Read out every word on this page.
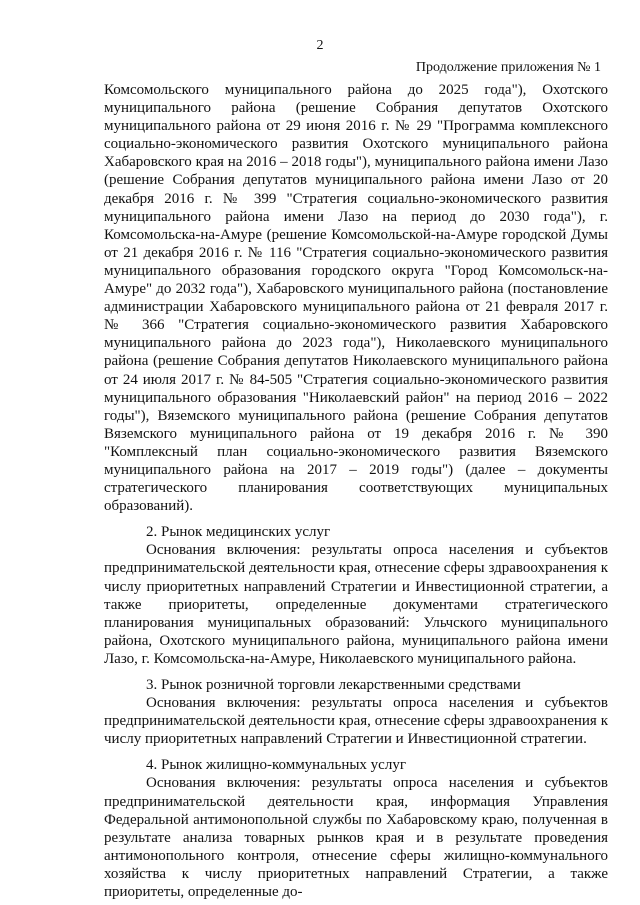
2
Продолжение приложения № 1

Комсомольского муниципального района до 2025 года"), Охотского муниципального района (решение Собрания депутатов Охотского муниципального района от 29 июня 2016 г. № 29 "Программа комплексного социально-экономического развития Охотского муниципального района Хабаровского края на 2016 – 2018 годы"), муниципального района имени Лазо (решение Собрания депутатов муниципального района имени Лазо от 20 декабря 2016 г. № 399 "Стратегия социально-экономического развития муниципального района имени Лазо на период до 2030 года"), г. Комсомольска-на-Амуре (решение Комсомольской-на-Амуре городской Думы от 21 декабря 2016 г. № 116 "Стратегия социально-экономического развития муниципального образования городского округа "Город Комсомольск-на-Амуре" до 2032 года"), Хабаровского муниципального района (постановление администрации Хабаровского муниципального района от 21 февраля 2017 г. № 366 "Стратегия социально-экономического развития Хабаровского муниципального района до 2023 года"), Николаевского муниципального района (решение Собрания депутатов Николаевского муниципального района от 24 июля 2017 г. № 84-505 "Стратегия социально-экономического развития муниципального образования "Николаевский район" на период 2016 – 2022 годы"), Вяземского муниципального района (решение Собрания депутатов Вяземского муниципального района от 19 декабря 2016 г. № 390 "Комплексный план социально-экономического развития Вяземского муниципального района на 2017 – 2019 годы") (далее – документы стратегического планирования соответствующих муниципальных образований).

2. Рынок медицинских услуг

Основания включения: результаты опроса населения и субъектов предпринимательской деятельности края, отнесение сферы здравоохранения к числу приоритетных направлений Стратегии и Инвестиционной стратегии, а также приоритеты, определенные документами стратегического планирования муниципальных образований: Ульчского муниципального района, Охотского муниципального района, муниципального района имени Лазо, г. Комсомольска-на-Амуре, Николаевского муниципального района.

3. Рынок розничной торговли лекарственными средствами

Основания включения: результаты опроса населения и субъектов предпринимательской деятельности края, отнесение сферы здравоохранения к числу приоритетных направлений Стратегии и Инвестиционной стратегии.

4. Рынок жилищно-коммунальных услуг

Основания включения: результаты опроса населения и субъектов предпринимательской деятельности края, информация Управления Федеральной антимонопольной службы по Хабаровскому краю, полученная в результате анализа товарных рынков края и в результате проведения антимонопольного контроля, отнесение сферы жилищно-коммунального хозяйства к числу приоритетных направлений Стратегии, а также приоритеты, определенные до-
